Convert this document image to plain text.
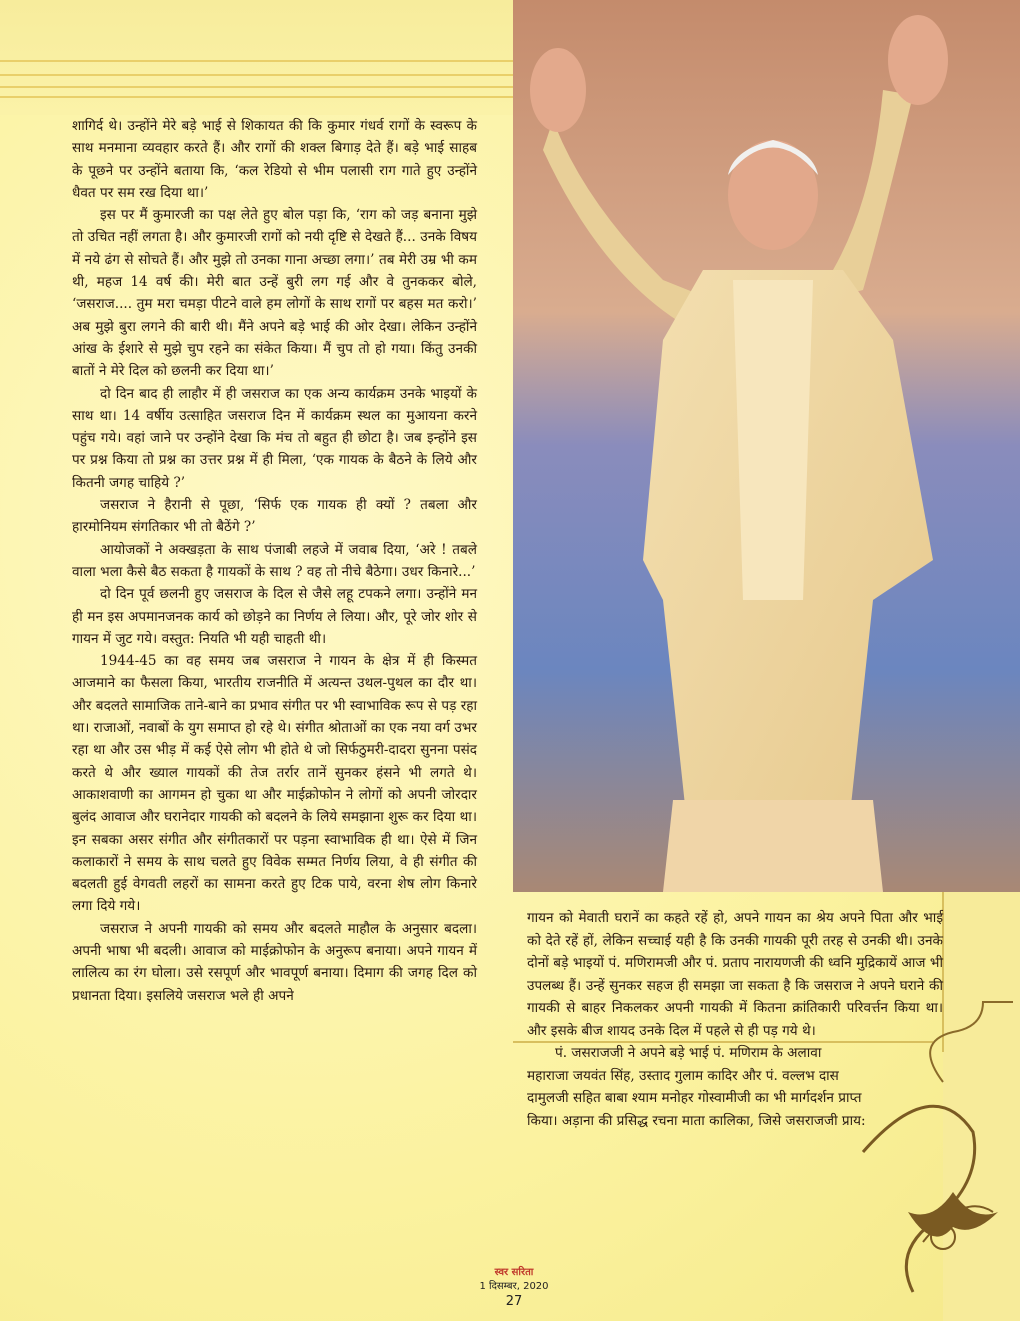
शागिर्द थे। उन्होंने मेरे बड़े भाई से शिकायत की कि कुमार गंधर्व रागों के स्वरूप के साथ मनमाना व्यवहार करते हैं। और रागों की शक्ल बिगाड़ देते हैं। बड़े भाई साहब के पूछने पर उन्होंने बताया कि, ‘कल रेडियो से भीम पलासी राग गाते हुए उन्होंने धैवत पर सम रख दिया था।’

इस पर मैं कुमारजी का पक्ष लेते हुए बोल पड़ा कि, ‘राग को जड़ बनाना मुझे तो उचित नहीं लगता है। और कुमारजी रागों को नयी दृष्टि से देखते हैं... उनके विषय में नये ढंग से सोचते हैं। और मुझे तो उनका गाना अच्छा लगा।’ तब मेरी उम्र भी कम थी, महज 14 वर्ष की। मेरी बात उन्हें बुरी लग गई और वे तुनककर बोले, ‘जसराज.... तुम मरा चमड़ा पीटने वाले हम लोगों के साथ रागों पर बहस मत करो।’ अब मुझे बुरा लगने की बारी थी। मैंने अपने बड़े भाई की ओर देखा। लेकिन उन्होंने आंख के ईशारे से मुझे चुप रहने का संकेत किया। मैं चुप तो हो गया। किंतु उनकी बातों ने मेरे दिल को छलनी कर दिया था।’

दो दिन बाद ही लाहौर में ही जसराज का एक अन्य कार्यक्रम उनके भाइयों के साथ था। 14 वर्षीय उत्साहित जसराज दिन में कार्यक्रम स्थल का मुआयना करने पहुंच गये। वहां जाने पर उन्होंने देखा कि मंच तो बहुत ही छोटा है। जब इन्होंने इस पर प्रश्न किया तो प्रश्न का उत्तर प्रश्न में ही मिला, ‘एक गायक के बैठने के लिये और कितनी जगह चाहिये ?’

जसराज ने हैरानी से पूछा, ‘सिर्फ एक गायक ही क्यों ? तबला और हारमोनियम संगतिकार भी तो बैठेंगे ?’

आयोजकों ने अक्खड़ता के साथ पंजाबी लहजे में जवाब दिया, ‘अरे ! तबले वाला भला कैसे बैठ सकता है गायकों के साथ ? वह तो नीचे बैठेगा। उधर किनारे...’

दो दिन पूर्व छलनी हुए जसराज के दिल से जैसे लहू टपकने लगा। उन्होंने मन ही मन इस अपमानजनक कार्य को छोड़ने का निर्णय ले लिया। और, पूरे जोर शोर से गायन में जुट गये। वस्तुत: नियति भी यही चाहती थी।

1944-45 का वह समय जब जसराज ने गायन के क्षेत्र में ही किस्मत आजमाने का फैसला किया, भारतीय राजनीति में अत्यन्त उथल-पुथल का दौर था। और बदलते सामाजिक ताने-बाने का प्रभाव संगीत पर भी स्वाभाविक रूप से पड़ रहा था। राजाओं, नवाबों के युग समाप्त हो रहे थे। संगीत श्रोताओं का एक नया वर्ग उभर रहा था और उस भीड़ में कई ऐसे लोग भी होते थे जो सिर्फठुमरी-दादरा सुनना पसंद करते थे और ख्याल गायकों की तेज तर्रार तानें सुनकर हंसने भी लगते थे। आकाशवाणी का आगमन हो चुका था और माईक्रोफोन ने लोगों को अपनी जोरदार बुलंद आवाज और घरानेदार गायकी को बदलने के लिये समझाना शुरू कर दिया था। इन सबका असर संगीत और संगीतकारों पर पड़ना स्वाभाविक ही था। ऐसे में जिन कलाकारों ने समय के साथ चलते हुए विवेक सम्मत निर्णय लिया, वे ही संगीत की बदलती हुई वेगवती लहरों का सामना करते हुए टिक पाये, वरना शेष लोग किनारे लगा दिये गये।

जसराज ने अपनी गायकी को समय और बदलते माहौल के अनुसार बदला। अपनी भाषा भी बदली। आवाज को माईक्रोफोन के अनुरूप बनाया। अपने गायन में लालित्य का रंग घोला। उसे रसपूर्ण और भावपूर्ण बनाया। दिमाग की जगह दिल को प्रधानता दिया। इसलिये जसराज भले ही अपने

गायन को मेवाती घरानें का कहते रहें हो, अपने गायन का श्रेय अपने पिता और भाई को देते रहें हों, लेकिन सच्चाई यही है कि उनकी गायकी पूरी तरह से उनकी थी। उनके दोनों बड़े भाइयों पं. मणिरामजी और पं. प्रताप नारायणजी की ध्वनि मुद्रिकायें आज भी उपलब्ध हैं। उन्हें सुनकर सहज ही समझा जा सकता है कि जसराज ने अपने घराने की गायकी से बाहर निकलकर अपनी गायकी में कितना क्रांतिकारी परिवर्त्तन किया था। और इसके बीज शायद उनके दिल में पहले से ही पड़ गये थे।

पं. जसराजजी ने अपने बड़े भाई पं. मणिराम के अलावा महाराजा जयवंत सिंह, उस्ताद गुलाम कादिर और पं. वल्लभ दास दामुलजी सहित बाबा श्याम मनोहर गोस्वामीजी का भी मार्गदर्शन प्राप्त किया। अड़ाना की प्रसिद्ध रचना माता कालिका, जिसे जसराजजी प्राय:

स्वर सरिता
1 दिसम्बर, 2020
27
